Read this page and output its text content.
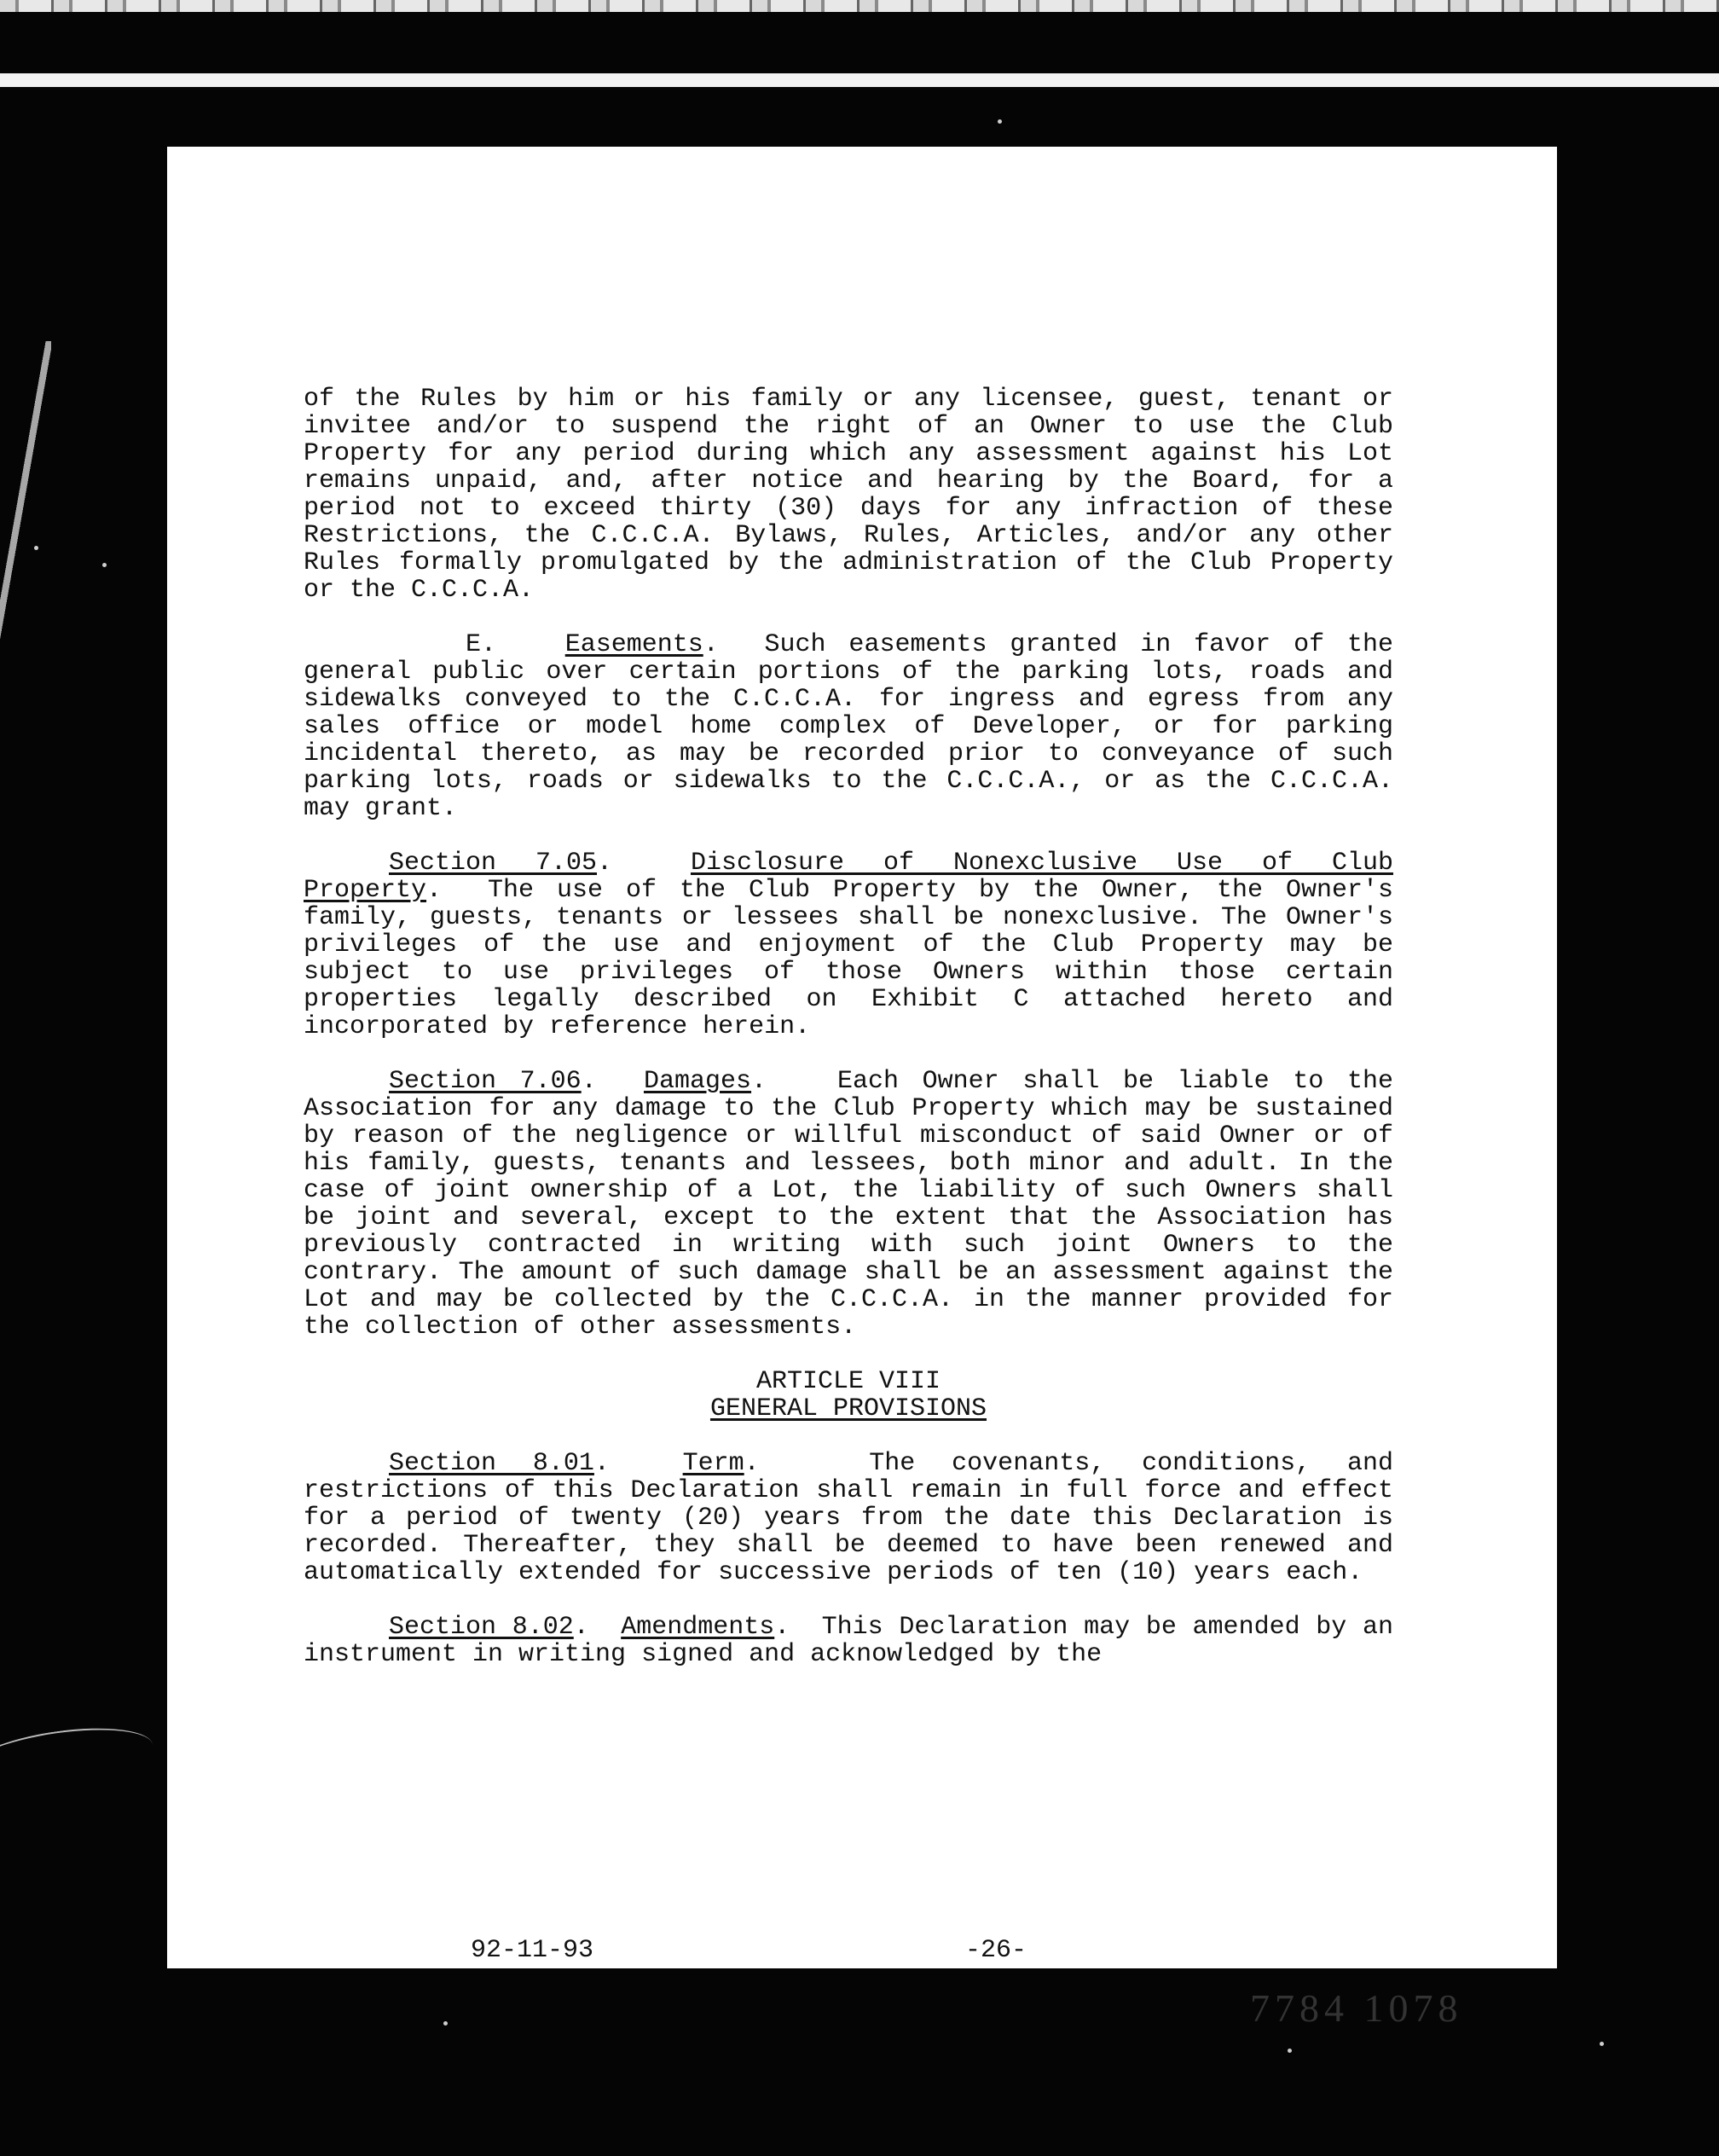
of the Rules by him or his family or any licensee, guest, tenant or invitee and/or to suspend the right of an Owner to use the Club Property for any period during which any assessment against his Lot remains unpaid, and, after notice and hearing by the Board, for a period not to exceed thirty (30) days for any infraction of these Restrictions, the C.C.C.A. Bylaws, Rules, Articles, and/or any other Rules formally promulgated by the administration of the Club Property or the C.C.C.A.

E.	Easements.  Such easements granted in favor of the general public over certain portions of the parking lots, roads and sidewalks conveyed to the C.C.C.A. for ingress and egress from any sales office or model home complex of Developer, or for parking incidental thereto, as may be recorded prior to conveyance of such parking lots, roads or sidewalks to the C.C.C.A., or as the C.C.C.A. may grant.

Section 7.05.  Disclosure of Nonexclusive Use of Club Property.  The use of the Club Property by the Owner, the Owner's family, guests, tenants or lessees shall be nonexclusive. The Owner's privileges of the use and enjoyment of the Club Property may be subject to use privileges of those Owners within those certain properties legally described on Exhibit C attached hereto and incorporated by reference herein.

Section 7.06.  Damages.   Each Owner shall be liable to the Association for any damage to the Club Property which may be sustained by reason of the negligence or willful misconduct of said Owner or of his family, guests, tenants and lessees, both minor and adult. In the case of joint ownership of a Lot, the liability of such Owners shall be joint and several, except to the extent that the Association has previously contracted in writing with such joint Owners to the contrary. The amount of such damage shall be an assessment against the Lot and may be collected by the C.C.C.A. in the manner provided for the collection of other assessments.

ARTICLE VIII

GENERAL PROVISIONS

Section 8.01.  Term.   The covenants, conditions, and restrictions of this Declaration shall remain in full force and effect for a period of twenty (20) years from the date this Declaration is recorded. Thereafter, they shall be deemed to have been renewed and automatically extended for successive periods of ten (10) years each.

Section 8.02.  Amendments.  This Declaration may be amended by an instrument in writing signed and acknowledged by the

92-11-93	-26-
7784 1078
